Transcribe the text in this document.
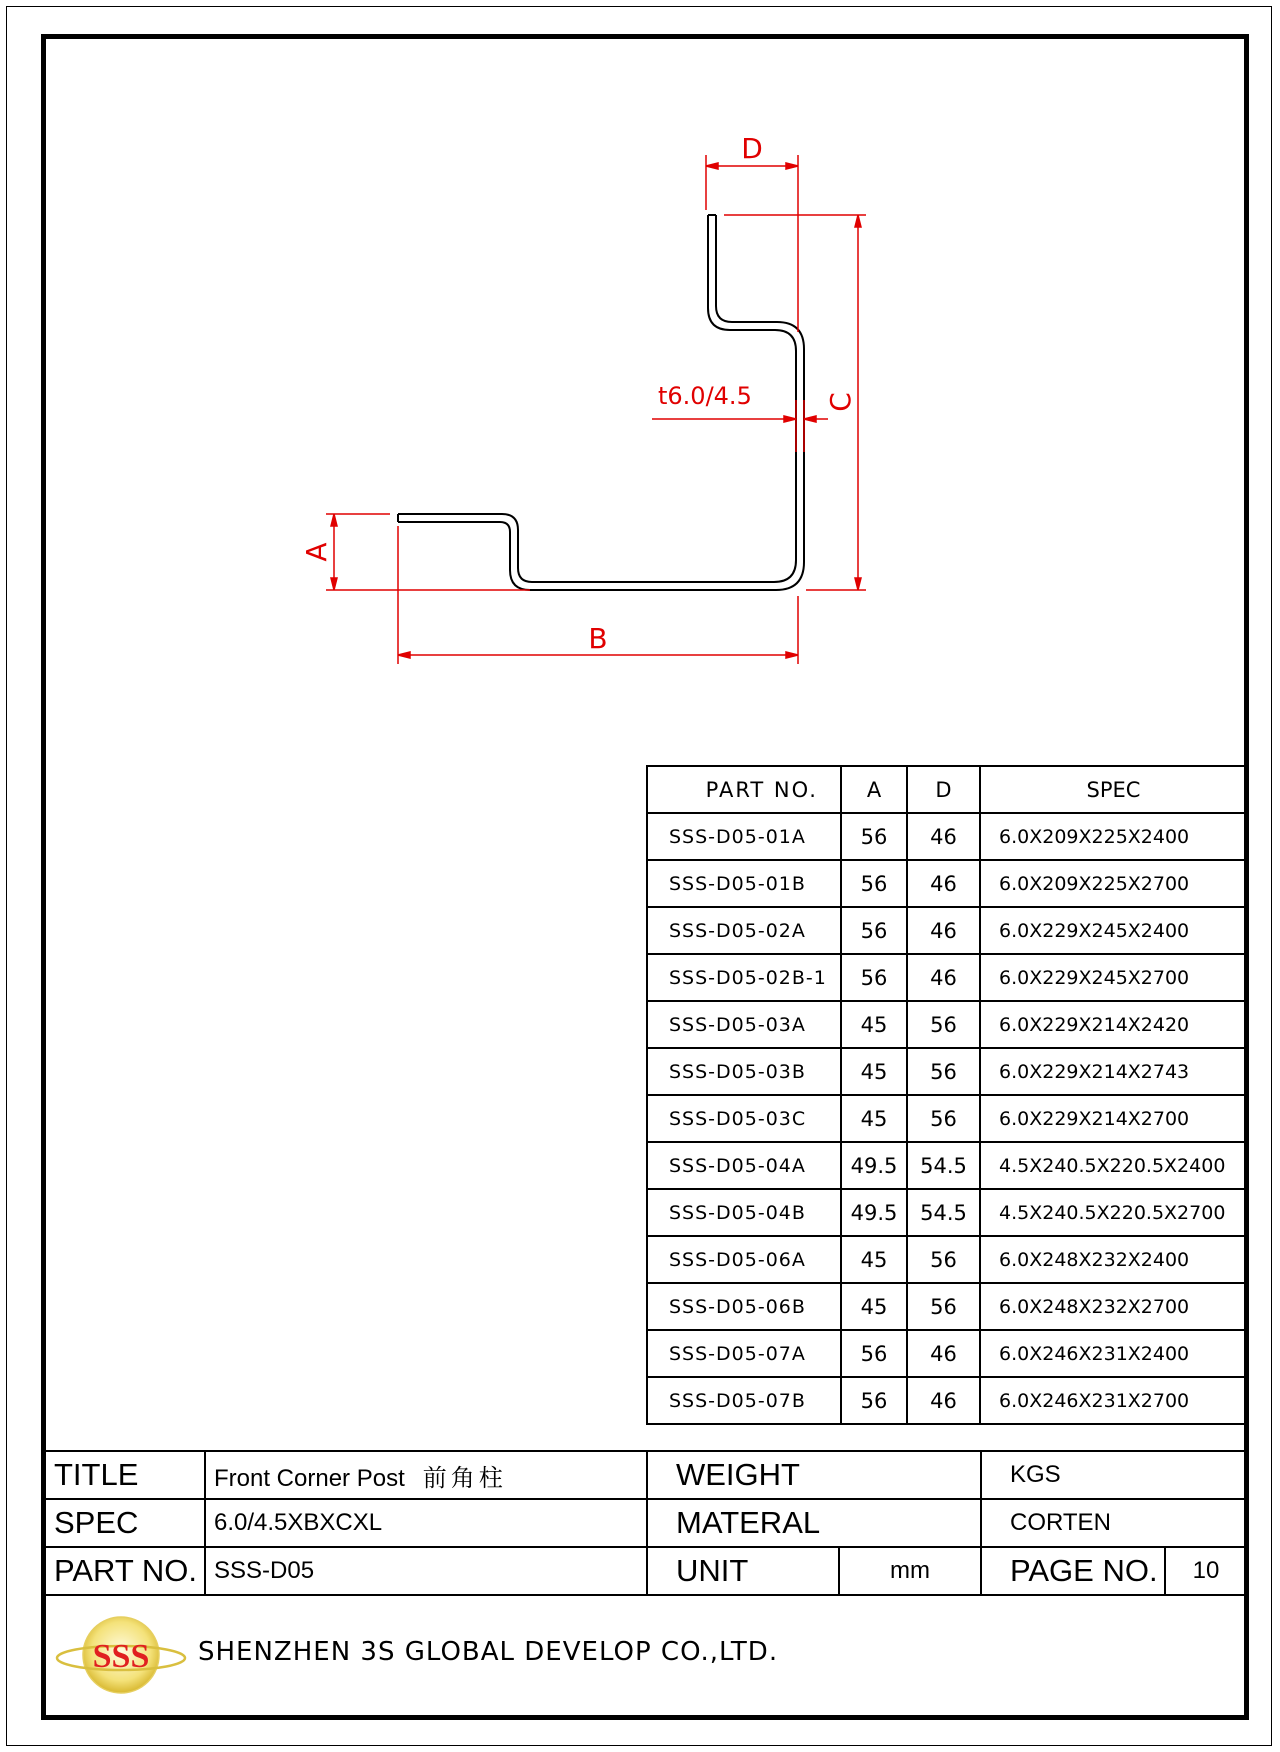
D
C
t6.0/4.5
A
B
PART NO.	A	D	SPEC
SSS-D05-01A	56	46	6.0X209X225X2400
SSS-D05-01B	56	46	6.0X209X225X2700
SSS-D05-02A	56	46	6.0X229X245X2400
SSS-D05-02B-1	56	46	6.0X229X245X2700
SSS-D05-03A	45	56	6.0X229X214X2420
SSS-D05-03B	45	56	6.0X229X214X2743
SSS-D05-03C	45	56	6.0X229X214X2700
SSS-D05-04A	49.5	54.5	4.5X240.5X220.5X2400
SSS-D05-04B	49.5	54.5	4.5X240.5X220.5X2700
SSS-D05-06A	45	56	6.0X248X232X2400
SSS-D05-06B	45	56	6.0X248X232X2700
SSS-D05-07A	56	46	6.0X246X231X2400
SSS-D05-07B	56	46	6.0X246X231X2700
TITLE	Front Corner Post 前角柱	WEIGHT		KGS	
SPEC	6.0/4.5XBXCXL	MATERAL		CORTEN	
PART NO.	SSS-D05	UNIT	mm	PAGE NO.	10
SSS SHENZHEN 3S GLOBAL DEVELOP CO.,LTD.
